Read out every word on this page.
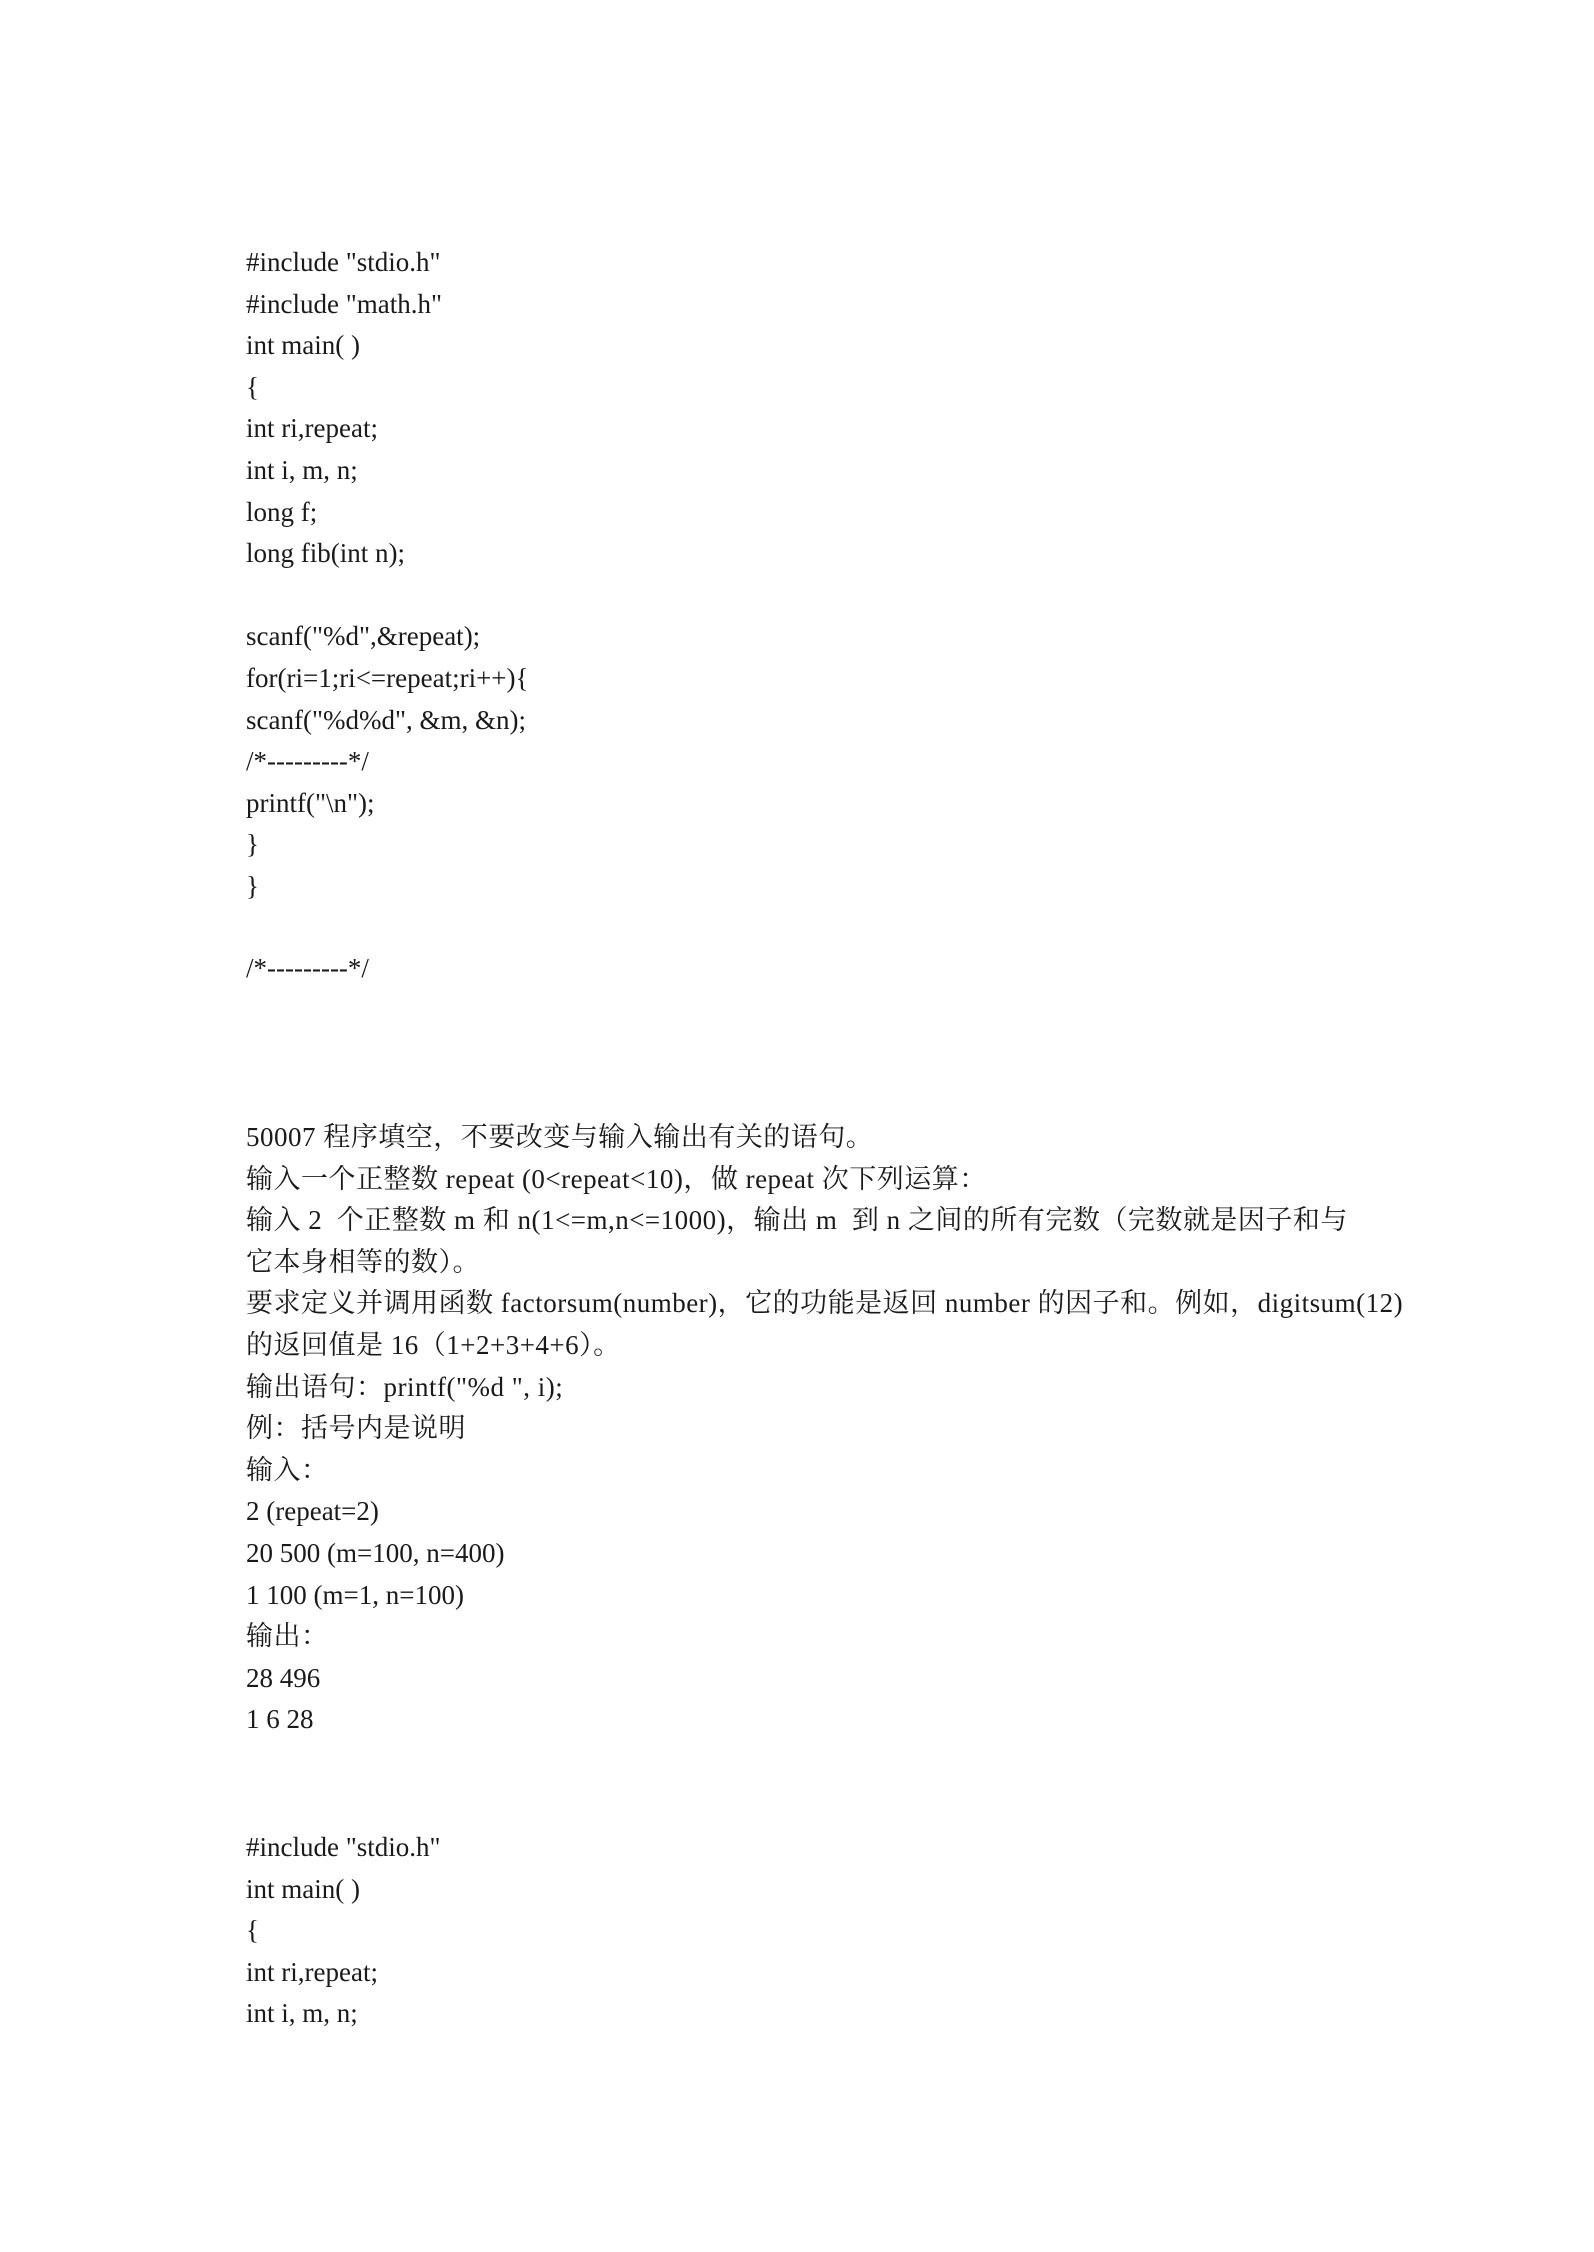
#include "stdio.h"
#include "math.h"
int main( )
{
int ri,repeat;
int i, m, n;
long f;
long fib(int n);
scanf("%d",&repeat);
for(ri=1;ri<=repeat;ri++){
scanf("%d%d", &m, &n);
/*---------*/
printf("\n");
}
}
/*---------*/
50007 程序填空，不要改变与输入输出有关的语句。
输入一个正整数 repeat (0<repeat<10)，做 repeat 次下列运算：
输入 2  个正整数 m 和 n(1<=m,n<=1000)，输出 m  到 n 之间的所有完数（完数就是因子和与
它本身相等的数）。
要求定义并调用函数 factorsum(number)，它的功能是返回 number 的因子和。例如，digitsum(12)
的返回值是 16（1+2+3+4+6）。
输出语句：printf("%d ", i);
例：括号内是说明
输入：
2 (repeat=2)
20 500 (m=100, n=400)
1 100 (m=1, n=100)
输出：
28 496
1 6 28
#include "stdio.h"
int main( )
{
int ri,repeat;
int i, m, n;
